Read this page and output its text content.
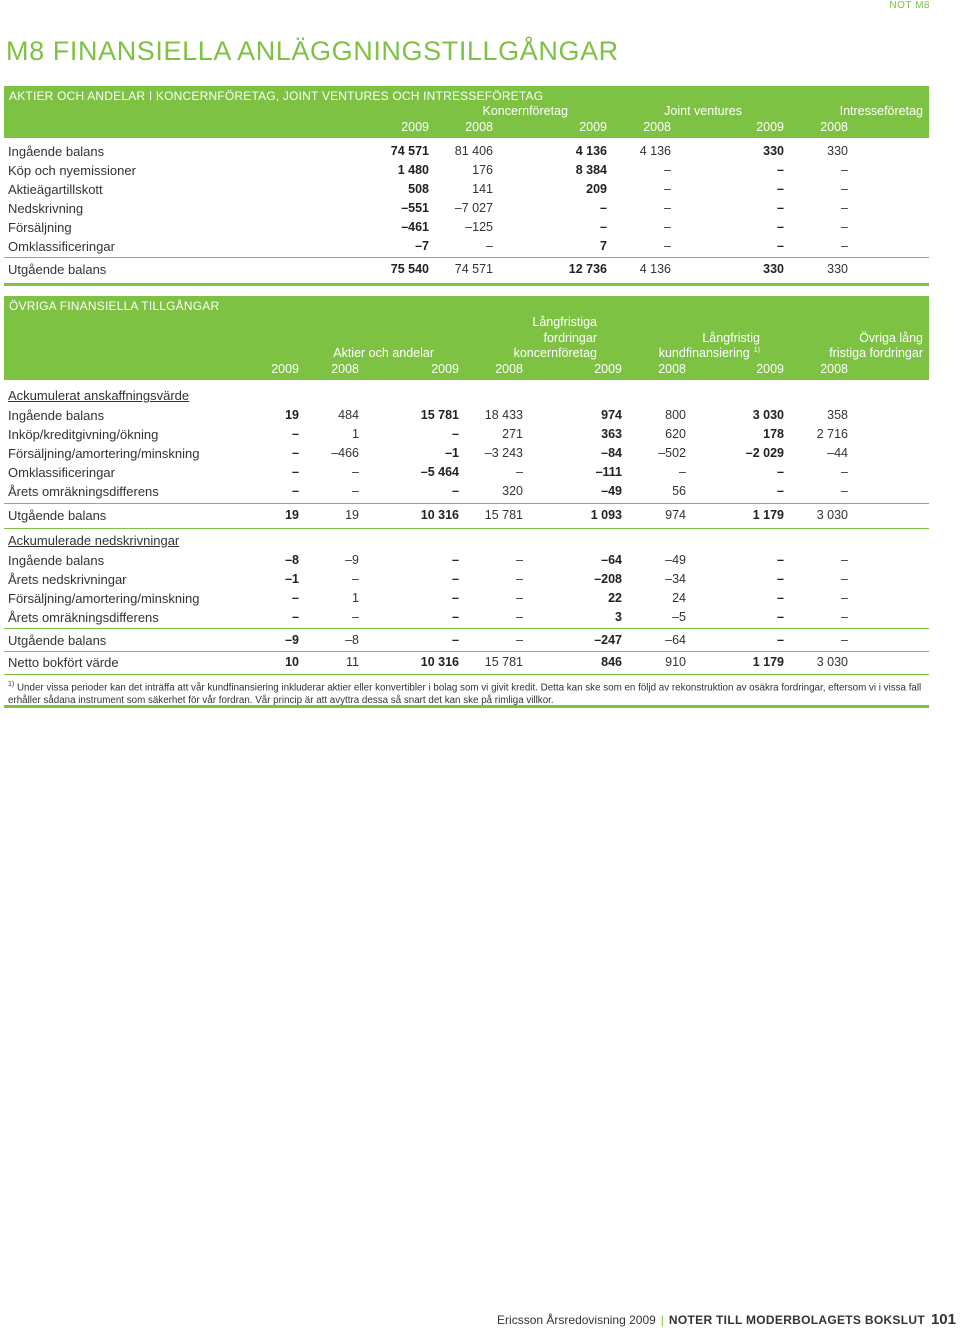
NOT M8
M8 FINANSIELLA ANLÄGGNINGSTILLGÅNGAR
AKTIER OCH ANDELAR I KONCERNFÖRETAG, JOINT VENTURES OCH INTRESSEFÖRETAG
Koncernföretag	Joint ventures	Intresseföretag
2009	2008	2009	2008	2009	2008
Ingående balans	74 571	81 406	4 136	4 136	330	330
Köp och nyemissioner	1 480	176	8 384	–	–	–
Aktieägartillskott	508	141	209	–	–	–
Nedskrivning	–551	–7 027	–	–	–	–
Försäljning	–461	–125	–	–	–	–
Omklassificeringar	–7	–	7	–	–	–
Utgående balans	75 540	74 571	12 736	4 136	330	330
ÖVRIGA FINANSIELLA TILLGÅNGAR
Aktier och andelar
Långfristiga
fordringar
koncernföretag
Långfristig
kundfinansiering $^{1)}$
Övriga lång
fristiga fordringar
2009	2008	2009	2008	2009	2008	2009	2008
Ackumulerat anskaffningsvärde
Ingående balans	19	484	15 781	18 433	974	800	3 030	358
Inköp/kreditgivning/ökning	–	1	–	271	363	620	178	2 716
Försäljning/amortering/minskning	–	–466	–1	–3 243	–84	–502	–2 029	–44
Omklassificeringar	–	–	–5 464	–	–111	–	–	–
Årets omräkningsdifferens	–	–	–	320	–49	56	–	–
Utgående balans	19	19	10 316	15 781	1 093	974	1 179	3 030
Ackumulerade nedskrivningar
Ingående balans	–8	–9	–	–	–64	–49	–	–
Årets nedskrivningar	–1	–	–	–	–208	–34	–	–
Försäljning/amortering/minskning	–	1	–	–	22	24	–	–
Årets omräkningsdifferens	–	–	–	–	3	–5	–	–
Utgående balans	–9	–8	–	–	–247	–64	–	–
Netto bokfört värde	10	11	10 316	15 781	846	910	1 179	3 030
$^{1)}$ Under vissa perioder kan det inträffa att vår kundfinansiering inkluderar aktier eller konvertibler i bolag som vi givit kredit. Detta kan ske som en följd av rekonstruktion av osäkra fordringar, eftersom vi i vissa fall erhåller sådana instrument som säkerhet för vår fordran. Vår princip är att avyttra dessa så snart det kan ske på rimliga villkor.
Ericsson Årsredovisning 2009 | NOTER TILL MODERBOLAGETS BOKSLUT 101
